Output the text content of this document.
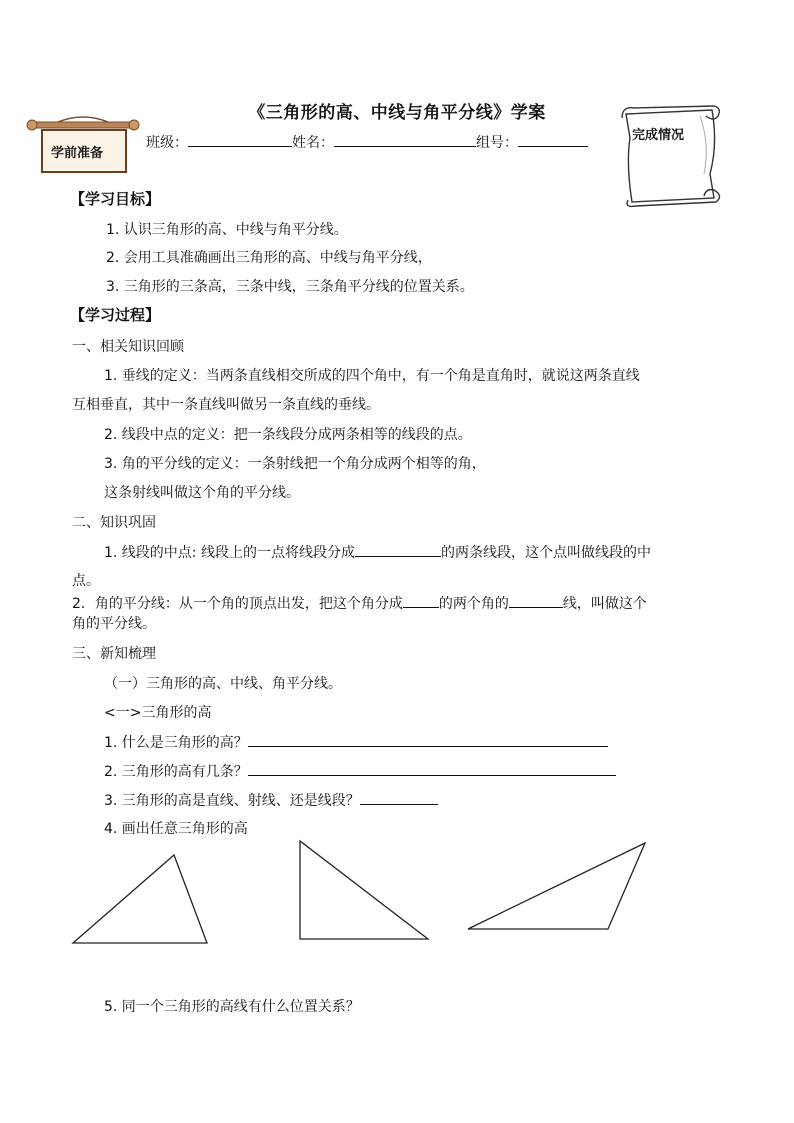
学前准备
《三角形的高、中线与角平分线》学案
班级：	姓名：	组号：	完成情况
【学习目标】
1. 认识三角形的高、中线与角平分线。
2. 会用工具准确画出三角形的高、中线与角平分线，
3. 三角形的三条高，三条中线，三条角平分线的位置关系。
【学习过程】
一、相关知识回顾
1. 垂线的定义：当两条直线相交所成的四个角中，有一个角是直角时，就说这两条直线
互相垂直，其中一条直线叫做另一条直线的垂线。
2. 线段中点的定义：把一条线段分成两条相等的线段的点。
3. 角的平分线的定义：一条射线把一个角分成两个相等的角，
这条射线叫做这个角的平分线。
二、知识巩固
1. 线段的中点: 线段上的一点将线段分成	的两条线段，这个点叫做线段的中
点。
2．角的平分线：从一个角的顶点出发，把这个角分成	的两个角的	线，叫做这个
角的平分线。
三、新知梳理
（一）三角形的高、中线、角平分线。
<一>三角形的高
1. 什么是三角形的高？
2. 三角形的高有几条？
3. 三角形的高是直线、射线、还是线段？
4. 画出任意三角形的高
5. 同一个三角形的高线有什么位置关系？
